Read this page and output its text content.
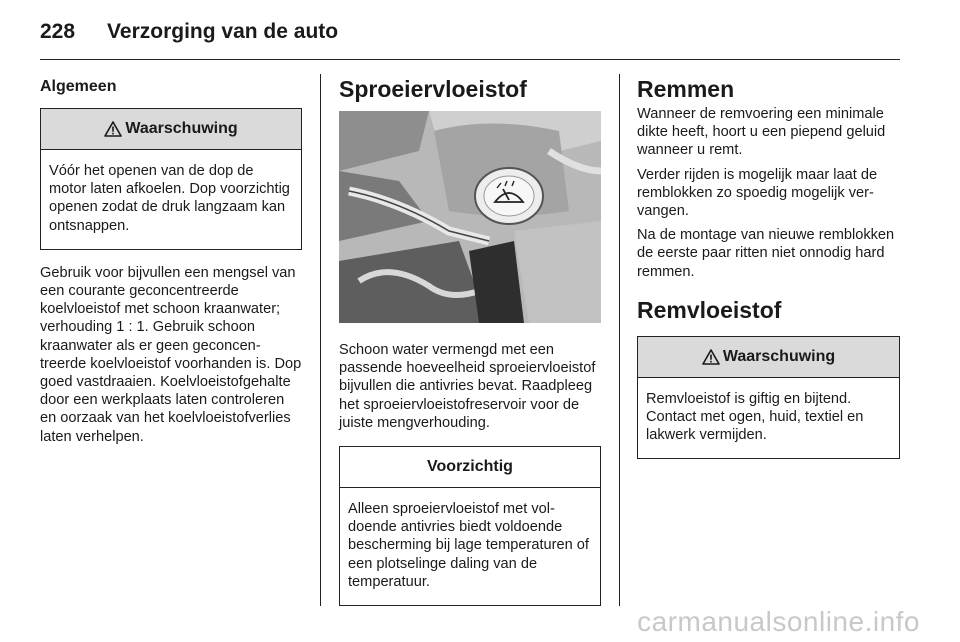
228 Verzorging van de auto
Algemeen
Waarschuwing

Vóór het openen van de dop de motor laten afkoelen. Dop voorzichtig openen zodat de druk langzaam kan ontsnappen.

Gebruik voor bijvullen een mengsel van een courante geconcentreerde koelvloeistof met schoon kraanwater; verhouding 1 : 1. Gebruik schoon kraanwater als er geen geconcentreerde koelvloeistof voorhanden is. Dop goed vastdraaien. Koelvloeistofgehalte door een werkplaats laten controleren en oorzaak van het koelvloeistofverlies laten verhelpen.

Sproeiervloeistof

Schoon water vermengd met een passende hoeveelheid sproeiervloeistof bijvullen die antivries bevat. Raadpleeg het sproeiervloeistofreservoir voor de juiste mengverhouding.

Voorzichtig

Alleen sproeiervloeistof met voldoende antivries biedt voldoende bescherming bij lage temperaturen of een plotselinge daling van de temperatuur.

Remmen

Wanneer de remvoering een minimale dikte heeft, hoort u een piepend geluid wanneer u remt.

Verder rijden is mogelijk maar laat de remblokken zo spoedig mogelijk vervangen.

Na de montage van nieuwe remblokken de eerste paar ritten niet onnodig hard remmen.

Remvloeistof
Waarschuwing

Remvloeistof is giftig en bijtend. Contact met ogen, huid, textiel en lakwerk vermijden.

carmanualsonline.info
